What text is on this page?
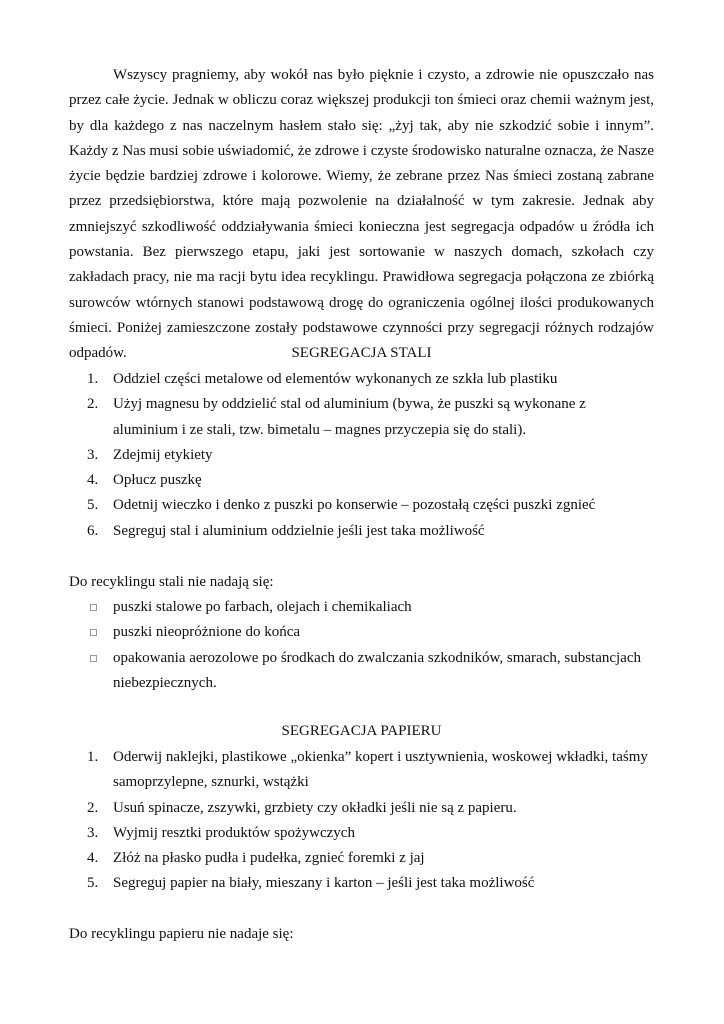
Wszyscy pragniemy, aby wokół nas było pięknie i czysto, a zdrowie nie opuszczało nas przez całe życie. Jednak w obliczu coraz większej produkcji ton śmieci oraz chemii ważnym jest, by dla każdego z nas naczelnym hasłem stało się: „żyj tak, aby nie szkodzić sobie i innym”. Każdy z Nas musi sobie uświadomić, że zdrowe i czyste środowisko naturalne oznacza, że Nasze życie będzie bardziej zdrowe i kolorowe. Wiemy, że zebrane przez Nas śmieci zostaną zabrane przez przedsiębiorstwa, które mają pozwolenie na działalność w tym zakresie. Jednak aby zmniejszyć szkodliwość oddziaływania śmieci konieczna jest segregacja odpadów u źródła ich powstania. Bez pierwszego etapu, jaki jest sortowanie w naszych domach, szkołach czy zakładach pracy, nie ma racji bytu idea recyklingu. Prawidłowa segregacja połączona ze zbiórką surowców wtórnych stanowi podstawową drogę do ograniczenia ogólnej ilości produkowanych śmieci. Poniżej zamieszczone zostały podstawowe czynności przy segregacji różnych rodzajów odpadów.	SEGREGACJA STALI
1. Oddziel części metalowe od elementów wykonanych ze szkła lub plastiku
2. Użyj magnesu by oddzielić stal od aluminium (bywa, że puszki są wykonane z aluminium i ze stali, tzw. bimetalu – magnes przyczepia się do stali).
3. Zdejmij etykiety
4. Opłucz puszkę
5. Odetnij wieczko i denko z puszki po konserwie – pozostałą części puszki zgnieć
6. Segreguj stal i aluminium oddzielnie jeśli jest taka możliwość

Do recyklingu stali nie nadają się:

puszki stalowe po farbach, olejach i chemikaliach
puszki nieopróżnione do końca
opakowania aerozolowe po środkach do zwalczania szkodników, smarach, substancjach niebezpiecznych.
SEGREGACJA PAPIERU
1. Oderwij naklejki, plastikowe „okienka” kopert i usztywnienia, woskowej wkładki, taśmy samoprzylepne, sznurki, wstążki
2. Usuń spinacze, zszywki, grzbiety czy okładki jeśli nie są z papieru.
3. Wyjmij resztki produktów spożywczych
4. Złóż na płasko pudła i pudełka, zgnieć foremki z jaj
5. Segreguj papier na biały, mieszany i karton – jeśli jest taka możliwość

Do recyklingu papieru nie nadaje się:
